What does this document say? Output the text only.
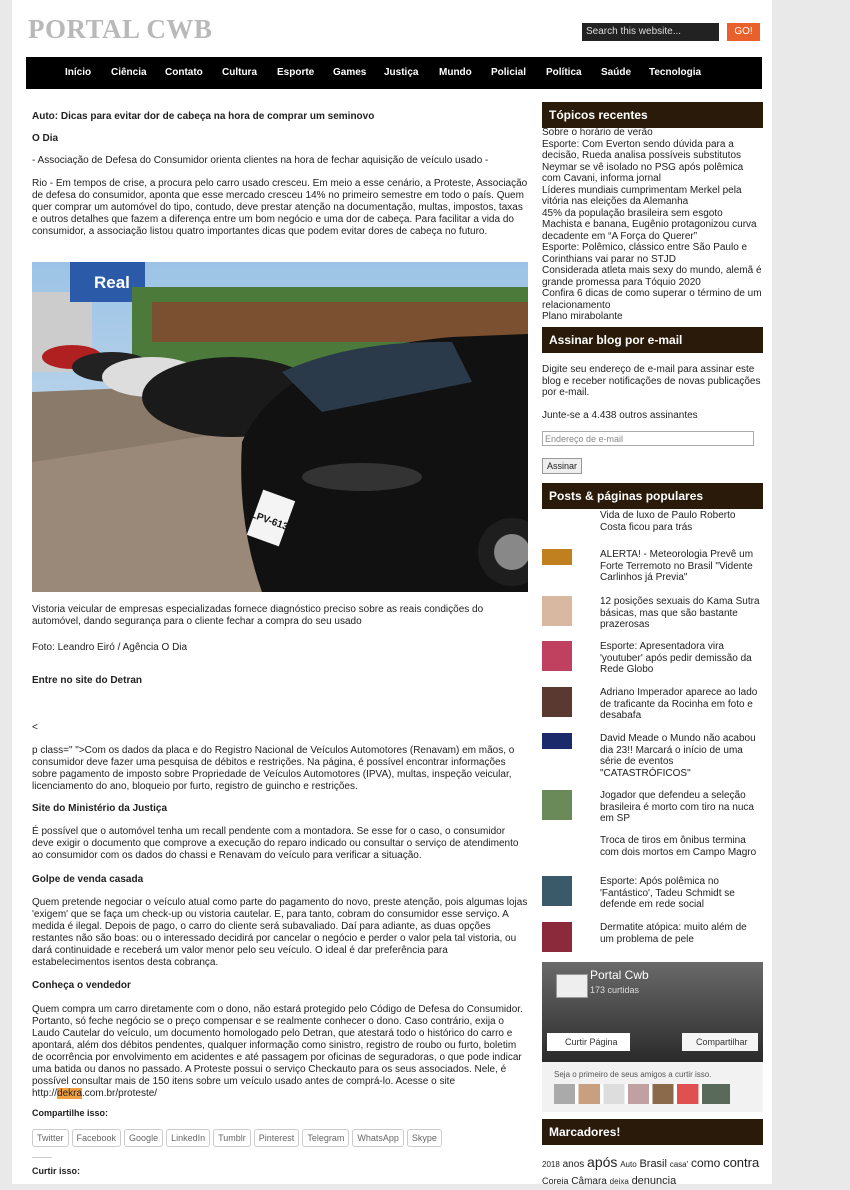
PORTAL CWB	Search this website...	GO!
Início Ciência Contato Cultura Esporte Games Justiça Mundo Policial Política Saúde Tecnologia

Auto: Dicas para evitar dor de cabeça na hora de comprar um seminovo

O Dia

- Associação de Defesa do Consumidor orienta clientes na hora de fechar aquisição de veículo usado -

Rio - Em tempos de crise, a procura pelo carro usado cresceu. Em meio a esse cenário, a Proteste, Associação de defesa do consumidor, aponta que esse mercado cresceu 14% no primeiro semestre em todo o país. Quem quer comprar um automóvel do tipo, contudo, deve prestar atenção na documentação, multas, impostos, taxas e outros detalhes que fazem a diferença entre um bom negócio e uma dor de cabeça. Para facilitar a vida do consumidor, a associação listou quatro importantes dicas que podem evitar dores de cabeça no futuro.

Real
LPV-6139

Vistoria veicular de empresas especializadas fornece diagnóstico preciso sobre as reais condições do automóvel, dando segurança para o cliente fechar a compra do seu usado

Foto: Leandro Eiró / Agência O Dia

Entre no site do Detran

<

p class=" ">Com os dados da placa e do Registro Nacional de Veículos Automotores (Renavam) em mãos, o consumidor deve fazer uma pesquisa de débitos e restrições. Na página, é possível encontrar informações sobre pagamento de imposto sobre Propriedade de Veículos Automotores (IPVA), multas, inspeção veicular, licenciamento do ano, bloqueio por furto, registro de guincho e restrições.

Site do Ministério da Justiça

É possível que o automóvel tenha um recall pendente com a montadora. Se esse for o caso, o consumidor deve exigir o documento que comprove a execução do reparo indicado ou consultar o serviço de atendimento ao consumidor com os dados do chassi e Renavam do veículo para verificar a situação.

Golpe de venda casada

Quem pretende negociar o veículo atual como parte do pagamento do novo, preste atenção, pois algumas lojas 'exigem' que se faça um check-up ou vistoria cautelar. E, para tanto, cobram do consumidor esse serviço. A medida é ilegal. Depois de pago, o carro do cliente será subavaliado. Daí para adiante, as duas opções restantes não são boas: ou o interessado decidirá por cancelar o negócio e perder o valor pela tal vistoria, ou dará continuidade e receberá um valor menor pelo seu veículo. O ideal é dar preferência para estabelecimentos isentos desta cobrança.

Conheça o vendedor

Quem compra um carro diretamente com o dono, não estará protegido pelo Código de Defesa do Consumidor. Portanto, só feche negócio se o preço compensar e se realmente conhecer o dono. Caso contrário, exija o Laudo Cautelar do veículo, um documento homologado pelo Detran, que atestará todo o histórico do carro e apontará, além dos débitos pendentes, qualquer informação como sinistro, registro de roubo ou furto, boletim de ocorrência por envolvimento em acidentes e até passagem por oficinas de seguradoras, o que pode indicar uma batida ou danos no passado. A Proteste possui o serviço Checkauto para os seus associados. Nele, é possível consultar mais de 150 itens sobre um veículo usado antes de comprá-lo. Acesse o site http://dekra.com.br/proteste/

Compartilhe isso:

Twitter Facebook Google LinkedIn Tumblr Pinterest Telegram WhatsApp Skype
Curtir isso:
Tópicos recentes
Sobre o horário de verão
Esporte: Com Everton sendo dúvida para a decisão, Rueda analisa possíveis substitutos
Neymar se vê isolado no PSG após polêmica com Cavani, informa jornal
Líderes mundiais cumprimentam Merkel pela vitória nas eleições da Alemanha
45% da população brasileira sem esgoto
Machista e banana, Eugênio protagonizou curva decadente em “A Força do Querer”
Esporte: Polêmico, clássico entre São Paulo e Corinthians vai parar no STJD
Considerada atleta mais sexy do mundo, alemã é grande promessa para Tóquio 2020
Confira 6 dicas de como superar o término de um relacionamento
Plano mirabolante
Assinar blog por e-mail
Digite seu endereço de e-mail para assinar este blog e receber notificações de novas publicações por e-mail.
Junte-se a 4.438 outros assinantes
Endereço de e-mail
Assinar
Posts & páginas populares
Vida de luxo de Paulo Roberto Costa ficou para trás
ALERTA! - Meteorologia Prevê um Forte Terremoto no Brasil "Vidente Carlinhos já Previa"
12 posições sexuais do Kama Sutra básicas, mas que são bastante prazerosas
Esporte: Apresentadora vira 'youtuber' após pedir demissão da Rede Globo
Adriano Imperador aparece ao lado de traficante da Rocinha em foto e desabafa
David Meade o Mundo não acabou dia 23!! Marcará o início de uma série de eventos "CATASTRÓFICOS"
Jogador que defendeu a seleção brasileira é morto com tiro na nuca em SP
Troca de tiros em ônibus termina com dois mortos em Campo Magro
Esporte: Após polêmica no 'Fantástico', Tadeu Schmidt se defende em rede social
Dermatite atópica: muito além de um problema de pele
Portal Cwb
173 curtidas
Curtir Página	Compartilhar
Seja o primeiro de seus amigos a curtir isso.
Marcadores!
2018 anos após Auto Brasil casa' como contra Coreia Câmara deixa denuncia
